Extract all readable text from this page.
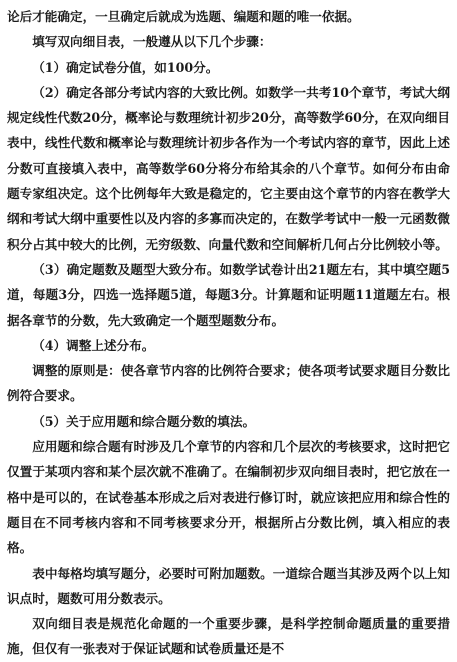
论后才能确定，一旦确定后就成为选题、编题和题的唯一依据。

填写双向细目表，一般遵从以下几个步骤：

（1）确定试卷分值，如100分。

（2）确定各部分考试内容的大致比例。如数学一共考10个章节，考试大纲规定线性代数20分，概率论与数理统计初步20分，高等数学60分，在双向细目表中，线性代数和概率论与数理统计初步各作为一个考试内容的章节，因此上述分数可直接填入表中，高等数学60分将分布给其余的八个章节。如何分布由命题专家组决定。这个比例每年大致是稳定的，它主要由这个章节的内容在教学大纲和考试大纲中重要性以及内容的多寡而决定的，在数学考试中一般一元函数微积分占其中较大的比例，无穷级数、向量代数和空间解析几何占分比例较小等。

（3）确定题数及题型大致分布。如数学试卷计出21题左右，其中填空题5道，每题3分，四选一选择题5道，每题3分。计算题和证明题11道题左右。根据各章节的分数，先大致确定一个题型题数分布。

（4）调整上述分布。

调整的原则是：使各章节内容的比例符合要求；使各项考试要求题目分数比例符合要求。

（5）关于应用题和综合题分数的填法。

应用题和综合题有时涉及几个章节的内容和几个层次的考核要求，这时把它仅置于某项内容和某个层次就不准确了。在编制初步双向细目表时，把它放在一格中是可以的，在试卷基本形成之后对表进行修订时，就应该把应用和综合性的题目在不同考核内容和不同考核要求分开，根据所占分数比例，填入相应的表格。

表中每格均填写题分，必要时可附加题数。一道综合题当其涉及两个以上知识点时，题数可用分数表示。

双向细目表是规范化命题的一个重要步骤，是科学控制命题质量的重要措施，但仅有一张表对于保证试题和试卷质量还是不
